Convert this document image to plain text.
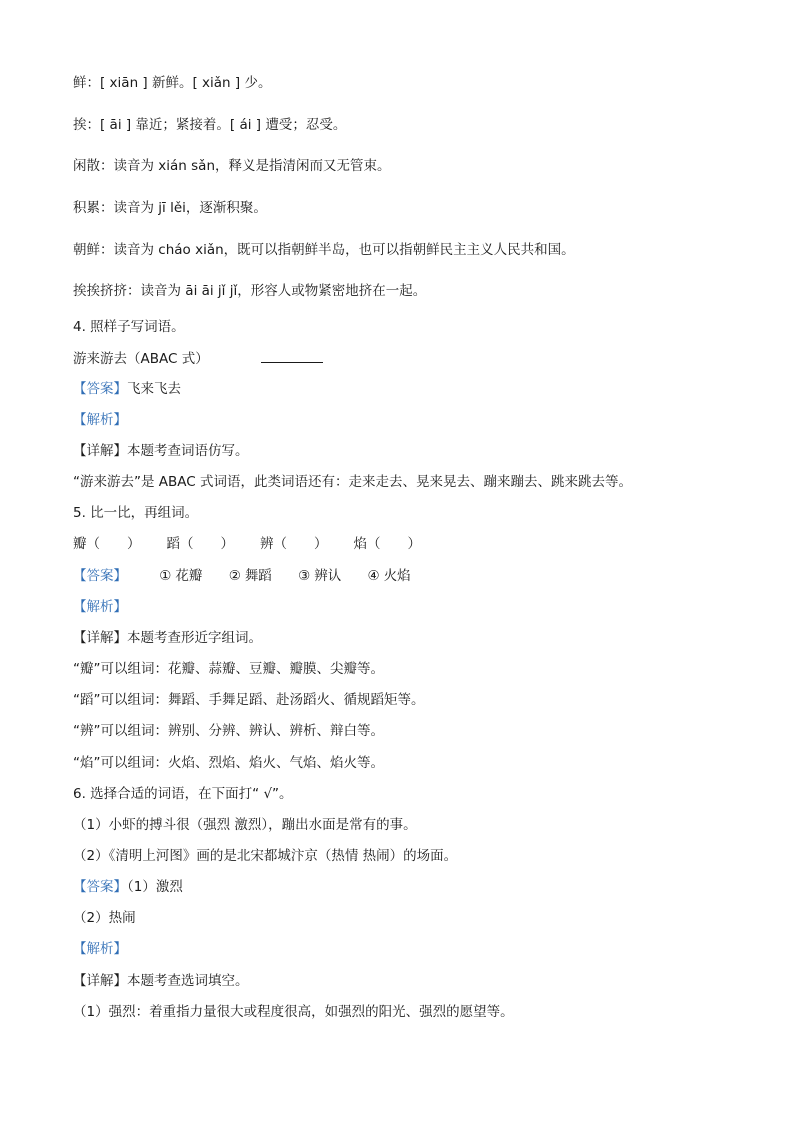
鲜：[ xiān ] 新鲜。[ xiǎn ] 少。
挨：[ āi ] 靠近；紧接着。[ ái ] 遭受；忍受。
闲散：读音为 xián sǎn，释义是指清闲而又无管束。
积累：读音为 jī lěi，逐渐积聚。
朝鲜：读音为 cháo xiǎn，既可以指朝鲜半岛，也可以指朝鲜民主主义人民共和国。
挨挨挤挤：读音为 āi āi jǐ jǐ，形容人或物紧密地挤在一起。
4. 照样子写词语。
游来游去（ABAC 式）
【答案】飞来飞去
【解析】
【详解】本题考查词语仿写。
“游来游去”是 ABAC 式词语，此类词语还有：走来走去、晃来晃去、蹦来蹦去、跳来跳去等。
5. 比一比，再组词。
瓣（　　） 蹈（　　） 辨（　　） 焰（　　）
【答案】 ① 花瓣 ② 舞蹈 ③ 辨认 ④ 火焰
【解析】
【详解】本题考查形近字组词。
“瓣”可以组词：花瓣、蒜瓣、豆瓣、瓣膜、尖瓣等。
“蹈”可以组词：舞蹈、手舞足蹈、赴汤蹈火、循规蹈矩等。
“辨”可以组词：辨别、分辨、辨认、辨析、辩白等。
“焰”可以组词：火焰、烈焰、焰火、气焰、焰火等。
6. 选择合适的词语，在下面打“ √”。
（1）小虾的搏斗很（强烈 激烈），蹦出水面是常有的事。
（2）《清明上河图》画的是北宋都城汴京（热情 热闹）的场面。
【答案】（1）激烈
（2）热闹
【解析】
【详解】本题考查选词填空。
（1）强烈：着重指力量很大或程度很高，如强烈的阳光、强烈的愿望等。
